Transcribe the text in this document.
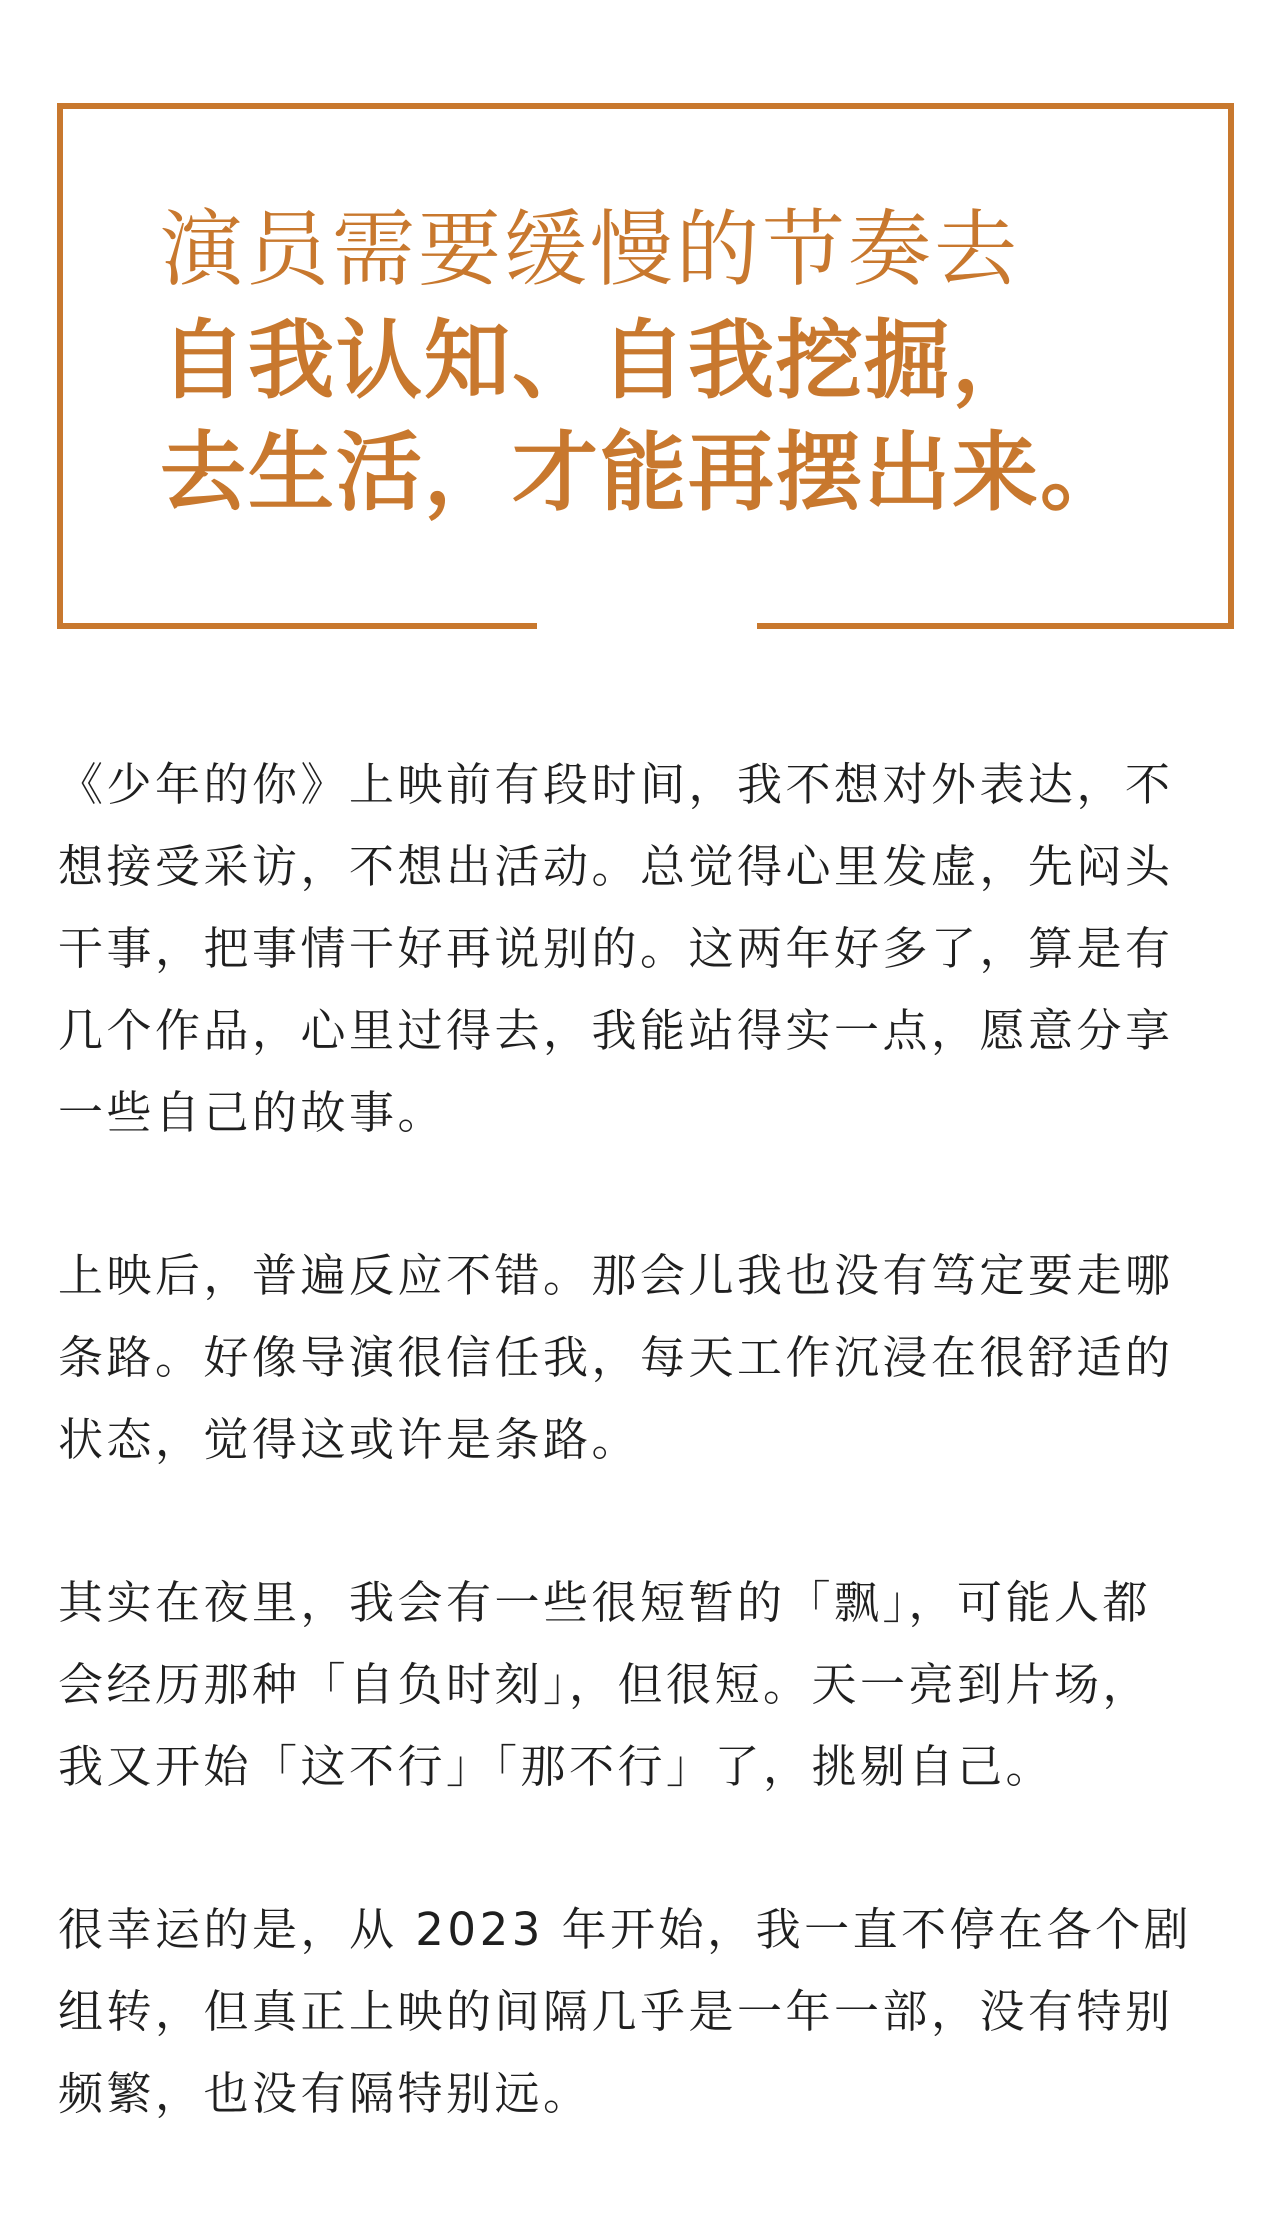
演员需要缓慢的节奏去
自我认知、自我挖掘，
去生活，才能再摆出来。

《少年的你》上映前有段时间，我不想对外表达，不
想接受采访，不想出活动。总觉得心里发虚，先闷头
干事，把事情干好再说别的。这两年好多了，算是有
几个作品，心里过得去，我能站得实一点，愿意分享
一些自己的故事。

上映后，普遍反应不错。那会儿我也没有笃定要走哪
条路。好像导演很信任我，每天工作沉浸在很舒适的
状态，觉得这或许是条路。

其实在夜里，我会有一些很短暂的「飘」，可能人都
会经历那种「自负时刻」，但很短。天一亮到片场，
我又开始「这不行」「那不行」了，挑剔自己。

很幸运的是，从 2023 年开始，我一直不停在各个剧
组转，但真正上映的间隔几乎是一年一部，没有特别
频繁，也没有隔特别远。
